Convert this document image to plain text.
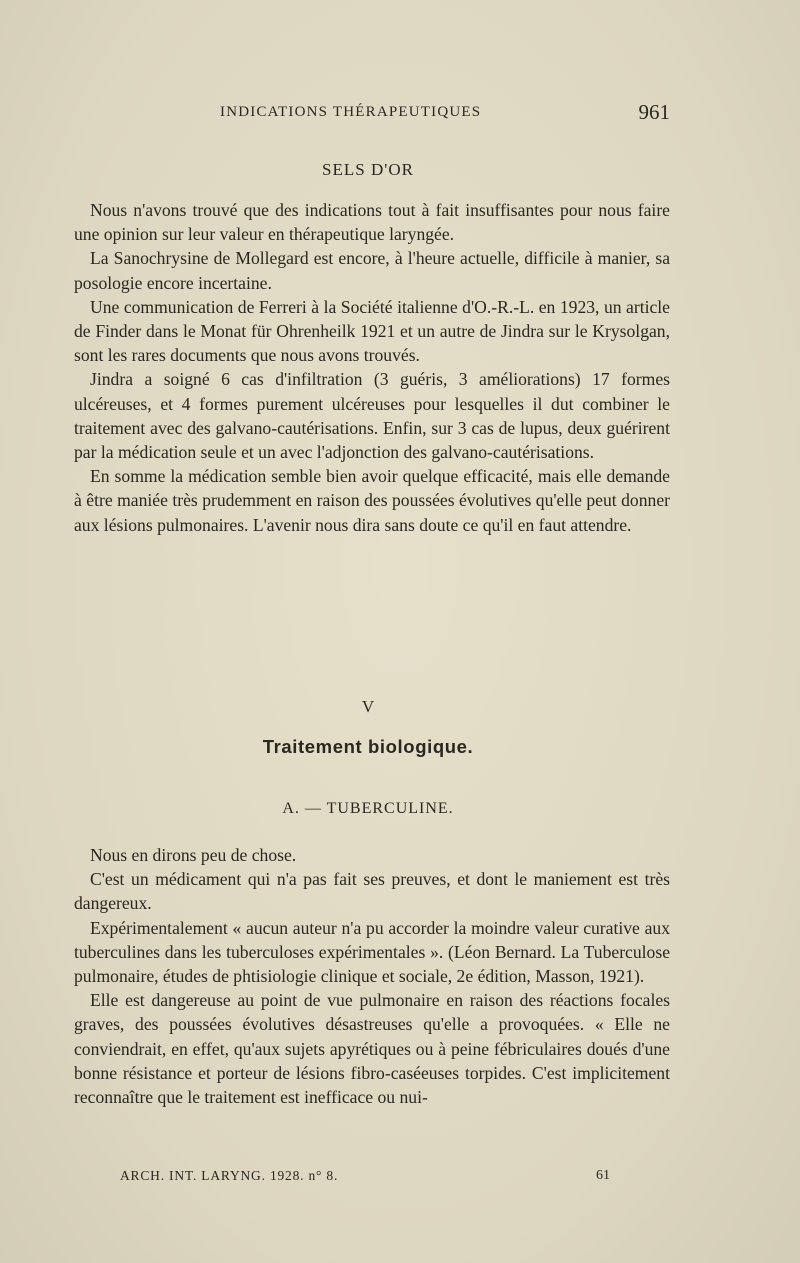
INDICATIONS THÉRAPEUTIQUES	961
SELS D'OR

Nous n'avons trouvé que des indications tout à fait insuffisantes pour nous faire une opinion sur leur valeur en thérapeutique laryngée.

La Sanochrysine de Mollegard est encore, à l'heure actuelle, difficile à manier, sa posologie encore incertaine.

Une communication de Ferreri à la Société italienne d'O.-R.-L. en 1923, un article de Finder dans le Monat für Ohrenheilk 1921 et un autre de Jindra sur le Krysolgan, sont les rares documents que nous avons trouvés.

Jindra a soigné 6 cas d'infiltration (3 guéris, 3 améliorations) 17 formes ulcéreuses, et 4 formes purement ulcéreuses pour lesquelles il dut combiner le traitement avec des galvano-cautérisations. Enfin, sur 3 cas de lupus, deux guérirent par la médication seule et un avec l'adjonction des galvano-cautérisations.

En somme la médication semble bien avoir quelque efficacité, mais elle demande à être maniée très prudemment en raison des poussées évolutives qu'elle peut donner aux lésions pulmonaires. L'avenir nous dira sans doute ce qu'il en faut attendre.

V
Traitement biologique.
A. — TUBERCULINE.

Nous en dirons peu de chose.

C'est un médicament qui n'a pas fait ses preuves, et dont le maniement est très dangereux.

Expérimentalement « aucun auteur n'a pu accorder la moindre valeur curative aux tuberculines dans les tuberculoses expérimentales ». (Léon Bernard. La Tuberculose pulmonaire, études de phtisiologie clinique et sociale, 2e édition, Masson, 1921).

Elle est dangereuse au point de vue pulmonaire en raison des réactions focales graves, des poussées évolutives désastreuses qu'elle a provoquées. « Elle ne conviendrait, en effet, qu'aux sujets apyrétiques ou à peine fébriculaires doués d'une bonne résistance et porteur de lésions fibro-caséeuses torpides. C'est implicitement reconnaître que le traitement est inefficace ou nui-

ARCH. INT. LARYNG. 1928. n° 8.	61
